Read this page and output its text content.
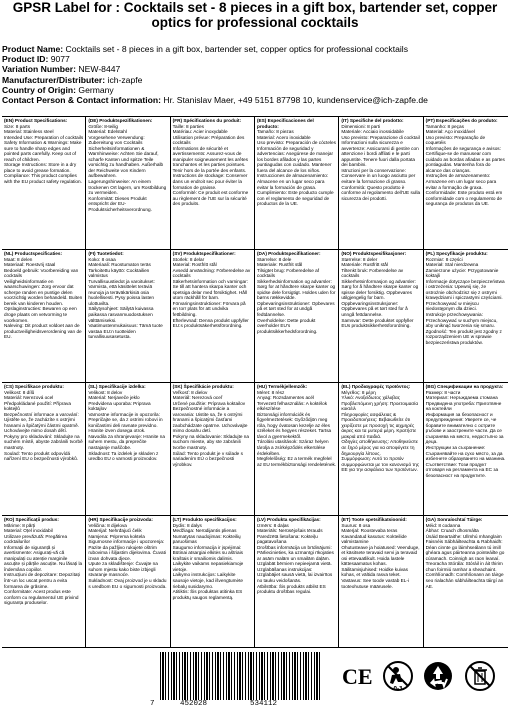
GPSR Label for : Cocktails set - 8 pieces in a gift box, bartender set, copper optics for professional cocktails
Product Name: Cocktails set - 8 pieces in a gift box, bartender set, copper optics for professional cocktails
Product ID: 9077
Variation Number: NEW-8447
Manufacturer/Distributer: ich-zapfe
Country of Origin: Germany
Contact Person & Contact information: Hr. Stanislav Maer, +49 5151 87798 10, kundenservice@ich-zapfe.de
(EN) Product Specifications:
Size: 8 parts
Material: Stainless steel
Intended Use: Preparation of cocktails
Safety Information & Warnings: Make sure to handle sharp edges and pointed parts carefully. Keep out of reach of children.
Storage Instructions: Store in a dry place to avoid grease formation.
Compliance: This product complies with the EU product safety regulation.
(DE) Produktspezifikationen:
Größe: 8-teilig
Material: Edelstahl
Vorgesehene Verwendung: Zubereitung von Cocktails
Sicherheitsinformationen & Warnhinweise: Achten Sie darauf, scharfe Kanten und spitze Teile vorsichtig zu handhaben. Außerhalb der Reichweite von Kindern aufbewahren.
Lagerungshinweise: An einem trockenen Ort lagern, um Rostbildung zu vermeiden.
Konformität: Dieses Produkt entspricht der EU-Produktsicherheitsverordnung.
(FR) Spécifications du produit:
Taille: 8 parties
Matériau: Acier inoxydable
Utilisation prévue: Préparation des cocktails
Informations de sécurité et avertissements: Assurez-vous de manipuler soigneusement les arêtes tranchantes et les parties pointues. Tenir hors de la portée des enfants.
Instructions de stockage: Conserver dans un endroit sec pour éviter la formation de graisse.
Conformité: Ce produit est conforme au règlement de l'UE sur la sécurité des produits.
(ES) Especificaciones del producto:
Tamaño: 8 piezas
Material: Acero inoxidable
Uso previsto: Preparación de cócteles
Información de seguridad y advertencias: Asegúrese de manejar los bordes afilados y las partes puntiagudas con cuidado. Mantener fuera del alcance de los niños.
Instrucciones de almacenamiento: Almacene en un lugar seco para evitar la formación de grasa.
Cumplimiento: Este producto cumple con el reglamento de seguridad de productos de la UE.
(IT) Specifiche del prodotto:
Dimensioni: 8 parti
Materiale: Acciaio inossidabile
Uso previsto: Preparazione di cocktail
Informazioni sulla sicurezza e avvertenze: Assicurarsi di gestire con attenzione i bordi affilati e le parti appuntite. Tenere fuori dalla portata dei bambini.
Istruzioni per la conservazione: Conservare in un luogo asciutto per evitare la formazione di grasso.
Conformità: Questo prodotto è conforme al regolamento dell'UE sulla sicurezza dei prodotti.
(PT) Especificações do produto:
Tamanho: 8 peças
Material: Aço inoxidável
Uso previsto: Preparação de coquetéis
Informações de segurança e avisos: Certifique-se de manusear com cuidado as bordas afiadas e as partes pontiagudas. Mantenha fora do alcance das crianças.
Instruções de armazenamento: Armazene em um lugar seco para evitar a formação de graxa.
Conformidade: Este produto está em conformidade com o regulamento de segurança de produtos da UE.
(NL) Productspecificaties:
Maat: 8 delen
Materiaal: Roestvrij staal
Bedoeld gebruik: Voorbereiding van cocktails
Veiligheidsinformatie en waarschuwingen: Zorg ervoor dat scherpe randen en puntige delen voorzichtig worden behandeld. Buiten bereik van kinderen houden.
Opslaginstructies: Bewaren op een droge plaats om vetvorming te voorkomen.
Naleving: Dit product voldoet aan de productveiligheidsverordening van de EU.
(FI) Tuotetiedot:
Koko: 8 osaa
Materiaali: Ruostumaton teräs
Tarkoitettu käyttö: Cocktailien valmistus
Turvallisuustiedot ja varoitukset: Varmista, että käsittelet teräviä reunoja ja teräväkärkisiä osia huolellisesti. Pysy poissa lasten ulottuvilta.
Säilytysohjeet: Säilytä kuivassa paikassa rasvanmuodostuksen välttämiseksi.
Vaatimustenmukaisuus: Tämä tuote vastaa EU:n tuotteiden turvallisuusasetusta.
(SV) Produktspecifikationer:
Storlek: 8 delar
Material: Rostfritt stål
Avsedd användning: Förberedelse av cocktails
Säkerhetsinformation och varningar: Se till att hantera skarpa kanter och spetsiga delar med försiktighet. Håll utom räckhåll för barn.
Förvaringsinstruktioner: Förvara på en torr plats för att undvika fettbildning.
Efterlevnad: Denna produkt uppfyller EU:s produktsäkerhetsförordning.
(DA) Produktspecifikationer:
Størrelse: 8 dele
Materiale: Rustfrit stål
Tilsigtet brug: Forberedelse af cocktails
Sikkerhedsinformation og advarsler: Sørg for at håndtere skarpe kanter og spidse dele forsigtigt. Holdes uden for børns rækkevidde.
Opbevaringsinstruktioner: Opbevares på et tørt sted for at undgå fedtdannelse.
Overholdelse: Dette produkt overholder EU's produktsikkerhedsforordning.
(NO) Produktspesifikasjoner:
Størrelse: 8 deler
Materiale: Rustfritt stål
Tiltenkt bruk: Forberedelse av cocktails
Sikkerhetsinformasjon og advarsler: Sørg for å håndtere skarpe kanter og spisse deler forsiktig. Oppbevares utilgjengelig for barn.
Oppbevaringsinstruksjoner: Oppbevares på et tørt sted for å unngå fettdannelse.
Samsvar: Dette produktet oppfyller EUs produktsikkerhetsforordning.
(PL) Specyfikacje produktu:
Rozmiar: 8 części
Materiał: Stal nierdzewna
Zamierzone użycie: Przygotowanie koktajli
Informacje dotyczące bezpieczeństwa i ostrzeżenia: Upewnij się, że ostrożnie obchodzisz się z ostrymi krawędziami i spiczastymi częściami. Przechowywać w miejscu niedostępnym dla dzieci.
Instrukcje przechowywania: Przechowywać w suchym miejscu, aby uniknąć tworzenia się smaru.
Zgodność: Ten produkt jest zgodny z rozporządzeniem UE w sprawie bezpieczeństwa produktów.
(CS) Specifikace produktu:
Velikost: 8 dílů
Materiál: Nerezová ocel
Předpokládané použití: Příprava koktejlů
Bezpečnostní informace a varování: Ujistěte se, že zacházíte s ostrými hranami a špičatými částmi opatrně. Uchovávejte mimo dosah dětí.
Pokyny pro skladování: Skladujte na suchém místě, abyste zabránili tvorbě mastnoty.
Soulad: Tento produkt odpovídá nařízení EU o bezpečnosti výrobků.
(SL) Specifikacije izdelka:
Velikost: 8 delov
Material: Nerjaveče jeklo
Predvidena uporaba: Priprava koktajlov
Varnostne informacije in opozorila: Prepričajte se, da z ostrimi robovi in koničastimi deli ravnate previdno. Hranite izven dosega otrok.
Navodila za shranjevanje: Hranite na suhem mestu, da preprečite nastajanje maščobe.
Skladnost: Ta izdelek je skladen z uredbo EU o varnosti proizvodov.
(SK) Špecifikácie produktu:
Veľkosť: 8 dielov
Materiál: Nerezová oceľ
Určené použitie: Príprava koktailov
Bezpečnostné informácie a varovania: Uistite sa, že s ostrými hranami a špicatými časťami zaobchádzate opatrne. Uchovávajte mimo dosahu detí.
Pokyny na skladovanie: Skladujte na suchom mieste, aby ste zabránili tvorbe mastnoty.
Súlad: Tento produkt je v súlade s nariadením EÚ o bezpečnosti výrobkov.
(HU) Termékjellemzők:
Méret: 8 rész
Anyag: Rozsdamentes acél
Tervezett felhasználás: A koktélok elkészítése
Biztonsági információk és figyelmeztetések: Győződjön meg róla, hogy óvatosan kezelje az éles széleket és hegyes részeket. Tartsa távol a gyermekektől.
Tárolási utasítások: Száraz helyen tárolja a zsírképződés elkerülése érdekében.
Megfelelőség: Ez a termék megfelel az EU termékbiztonsági rendeletének.
(EL) Προδιαγραφές προϊόντος:
Μέγεθος: 8 μέρη
Υλικό: Ανοξείδωτος χάλυβας
Προβλεπόμενη χρήση: Προετοιμασία κοκτέιλ
Πληροφορίες ασφάλειας & Προειδοποιήσεις: Βεβαιωθείτε ότι χειρίζεστε με προσοχή τις αιχμηρές άκρες και τα μυτερά μέρη. Κρατήστε μακριά από παιδιά.
Οδηγίες αποθήκευσης: Αποθηκεύστε σε ξηρό μέρος για να αποφύγετε τη δημιουργία λίπους.
Συμμόρφωση: Αυτό το προϊόν συμμορφώνεται με τον κανονισμό της ΕΕ για την ασφάλεια των προϊόντων.
(BG) Спецификации на продукта:
Размер: 8 части
Материал: Неръждаема стомана
Предвидена употреба: Приготвяне на коктейли
Информация за безопасност и предупреждения: Уверете се, че боравите внимателно с острите ръбове и заострените части. Да се съхранява на място, недостъпно за деца.
Инструкции за съхранение: Съхранявайте на сухо място, за да избегнете образуването на мазнина.
Съответствие: Този продукт отговаря на регламента на ЕС за безопасност на продуктите.
(RO) Specificații produs:
Mărime: 8 părți
Material: Oțel inoxidabil
Utilizare prevăzută: Pregătirea cocktailurilor
Informații de siguranță și avertismente: Asigurați-vă că manipulați cu atenție marginile ascuțite și părțile ascuțite. Nu lăsați la îndemâna copiilor.
Instrucțiuni de depozitare: Depozitați într-un loc uscat pentru a evita formarea de grăsime.
Conformitate: Acest produs este conform cu regulamentul UE privind siguranța produselor.
(HR) Specifikacije proizvoda:
Veličina: 8 dijelova
Materijal: Nehrđajući čelik
Namjena: Priprema koktela
Sigurnosne informacije i upozorenja: Pazite da pažljivo rukujete oštrim rubovima i šiljastim dijelovima. Čuvati izvan dohvata djece.
Upute za skladištenje: Čuvajte na suhom mjestu kako biste izbjegli stvaranje masnoće.
Sukladnost: Ovaj proizvod je u skladu s uredbom EU o sigurnosti proizvoda.
(LT) Produkto specifikacijos:
Dydis: 8 dalys
Medžiaga: Nerūdijantis plienas
Numatytas naudojimas: Kokteilių paruošimas
Saugumo informacija ir įspėjimai: Būtinai atsargiai elkitės su aštriais kraštais ir smailiomis dalimis. Laikykite vaikams nepasiekiamoje vietoje.
Laikymo instrukcijos: Laikykite sausoje vietoje, kad išvengtumėte riebalų susidarymo.
Atitiktis: Šis produktas atitinka ES produktų saugos reglamentą.
(LV) Produkta specifikācijas:
Izmērs: 8 daļas
Materiāls: Nerūsējošais tērauds
Paredzētā lietošana: Kokteiļu pagatavošana
Drošības informācija un brīdinājumi: Pārliecinieties, ka uzmanīgi rīkojaties ar asām malām un smailām daļām. Uzglabāt bērniem nepieejamā vietā.
Uzglabāšanas instrukcijas: Uzglabājiet sausā vietā, lai izvairītos no tauku veidošanās.
Atbilstība: Šis produkts atbilst ES produktu drošības regulai.
(ET) Toote spetsifikatsioonid:
Suurus: 8 osa
Materjal: Roostevaba teras
Kavandatud kasutus: Kokteilide valmistamine
Ohutusteave ja hoiatused: Veenduge, et käsitsete teravaid servi ja teravaid osi ettevaatlikult. Hoida lastele kättesaamatus kohas.
Säilitamisjuhised: Hoidke kuivas kohas, et vältida rasva teket.
Vastavus: See toode vastab EL-i tooteohutuse määrusele.
(GA) Sonraíochtaí Táirge:
Méid: 8 codanna
Ábhar: Cruach dhosmálta
Úsáid Beartaithe: Ullmhú mhanglaim
Faisnéis Sábháilteachta & Rabhaidh: Déan cinnte go láimhseálann tú imill ghéara agus páirteanna pointeáilte go cúramach. Coinnigh as raon leanaí.
Treoracha Stórála: Stóráil in áit thirim chun foirmiú ramhar a sheachaint.
Comhlíonadh: Comhlíonann an táirge seo rialachán sábháilteachta táirgí an AE.
7	452028	534112
CE	0-3
